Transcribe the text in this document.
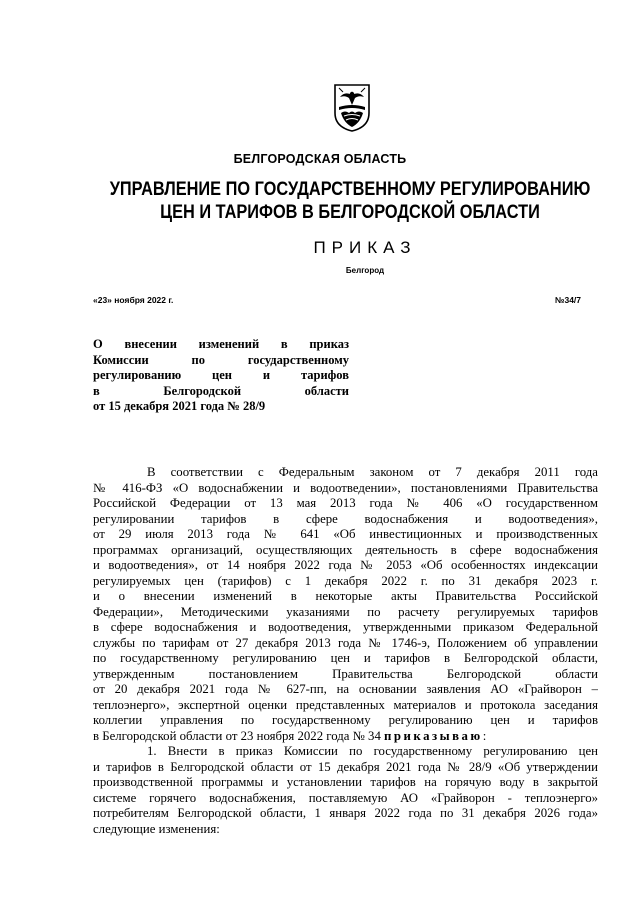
БЕЛГОРОДСКАЯ ОБЛАСТЬ
УПРАВЛЕНИЕ ПО ГОСУДАРСТВЕННОМУ РЕГУЛИРОВАНИЮ
ЦЕН И ТАРИФОВ В БЕЛГОРОДСКОЙ ОБЛАСТИ
ПРИКАЗ
Белгород
«23» ноября 2022 г.	№34/7
О внесении изменений в приказ
Комиссии по государственному
регулированию цен и тарифов
в Белгородской области
от 15 декабря 2021 года № 28/9
В соответствии с Федеральным законом от 7 декабря 2011 года
№ 416-ФЗ «О водоснабжении и водоотведении», постановлениями Правительства
Российской Федерации от 13 мая 2013 года № 406 «О государственном
регулировании тарифов в сфере водоснабжения и водоотведения»,
от 29 июля 2013 года № 641 «Об инвестиционных и производственных
программах организаций, осуществляющих деятельность в сфере водоснабжения
и водоотведения», от 14 ноября 2022 года № 2053 «Об особенностях индексации
регулируемых цен (тарифов) с 1 декабря 2022 г. по 31 декабря 2023 г.
и о внесении изменений в некоторые акты Правительства Российской
Федерации», Методическими указаниями по расчету регулируемых тарифов
в сфере водоснабжения и водоотведения, утвержденными приказом Федеральной
службы по тарифам от 27 декабря 2013 года № 1746-э, Положением об управлении
по государственному регулированию цен и тарифов в Белгородской области,
утвержденным постановлением Правительства Белгородской области
от 20 декабря 2021 года № 627-пп, на основании заявления АО «Грайворон –
теплоэнерго», экспертной оценки представленных материалов и протокола заседания
коллегии управления по государственному регулированию цен и тарифов
в Белгородской области от 23 ноября 2022 года № 34 приказываю:
1. Внести в приказ Комиссии по государственному регулированию цен
и тарифов в Белгородской области от 15 декабря 2021 года № 28/9 «Об утверждении
производственной программы и установлении тарифов на горячую воду в закрытой
системе горячего водоснабжения, поставляемую АО «Грайворон - теплоэнерго»
потребителям Белгородской области, 1 января 2022 года по 31 декабря 2026 года»
следующие изменения:
